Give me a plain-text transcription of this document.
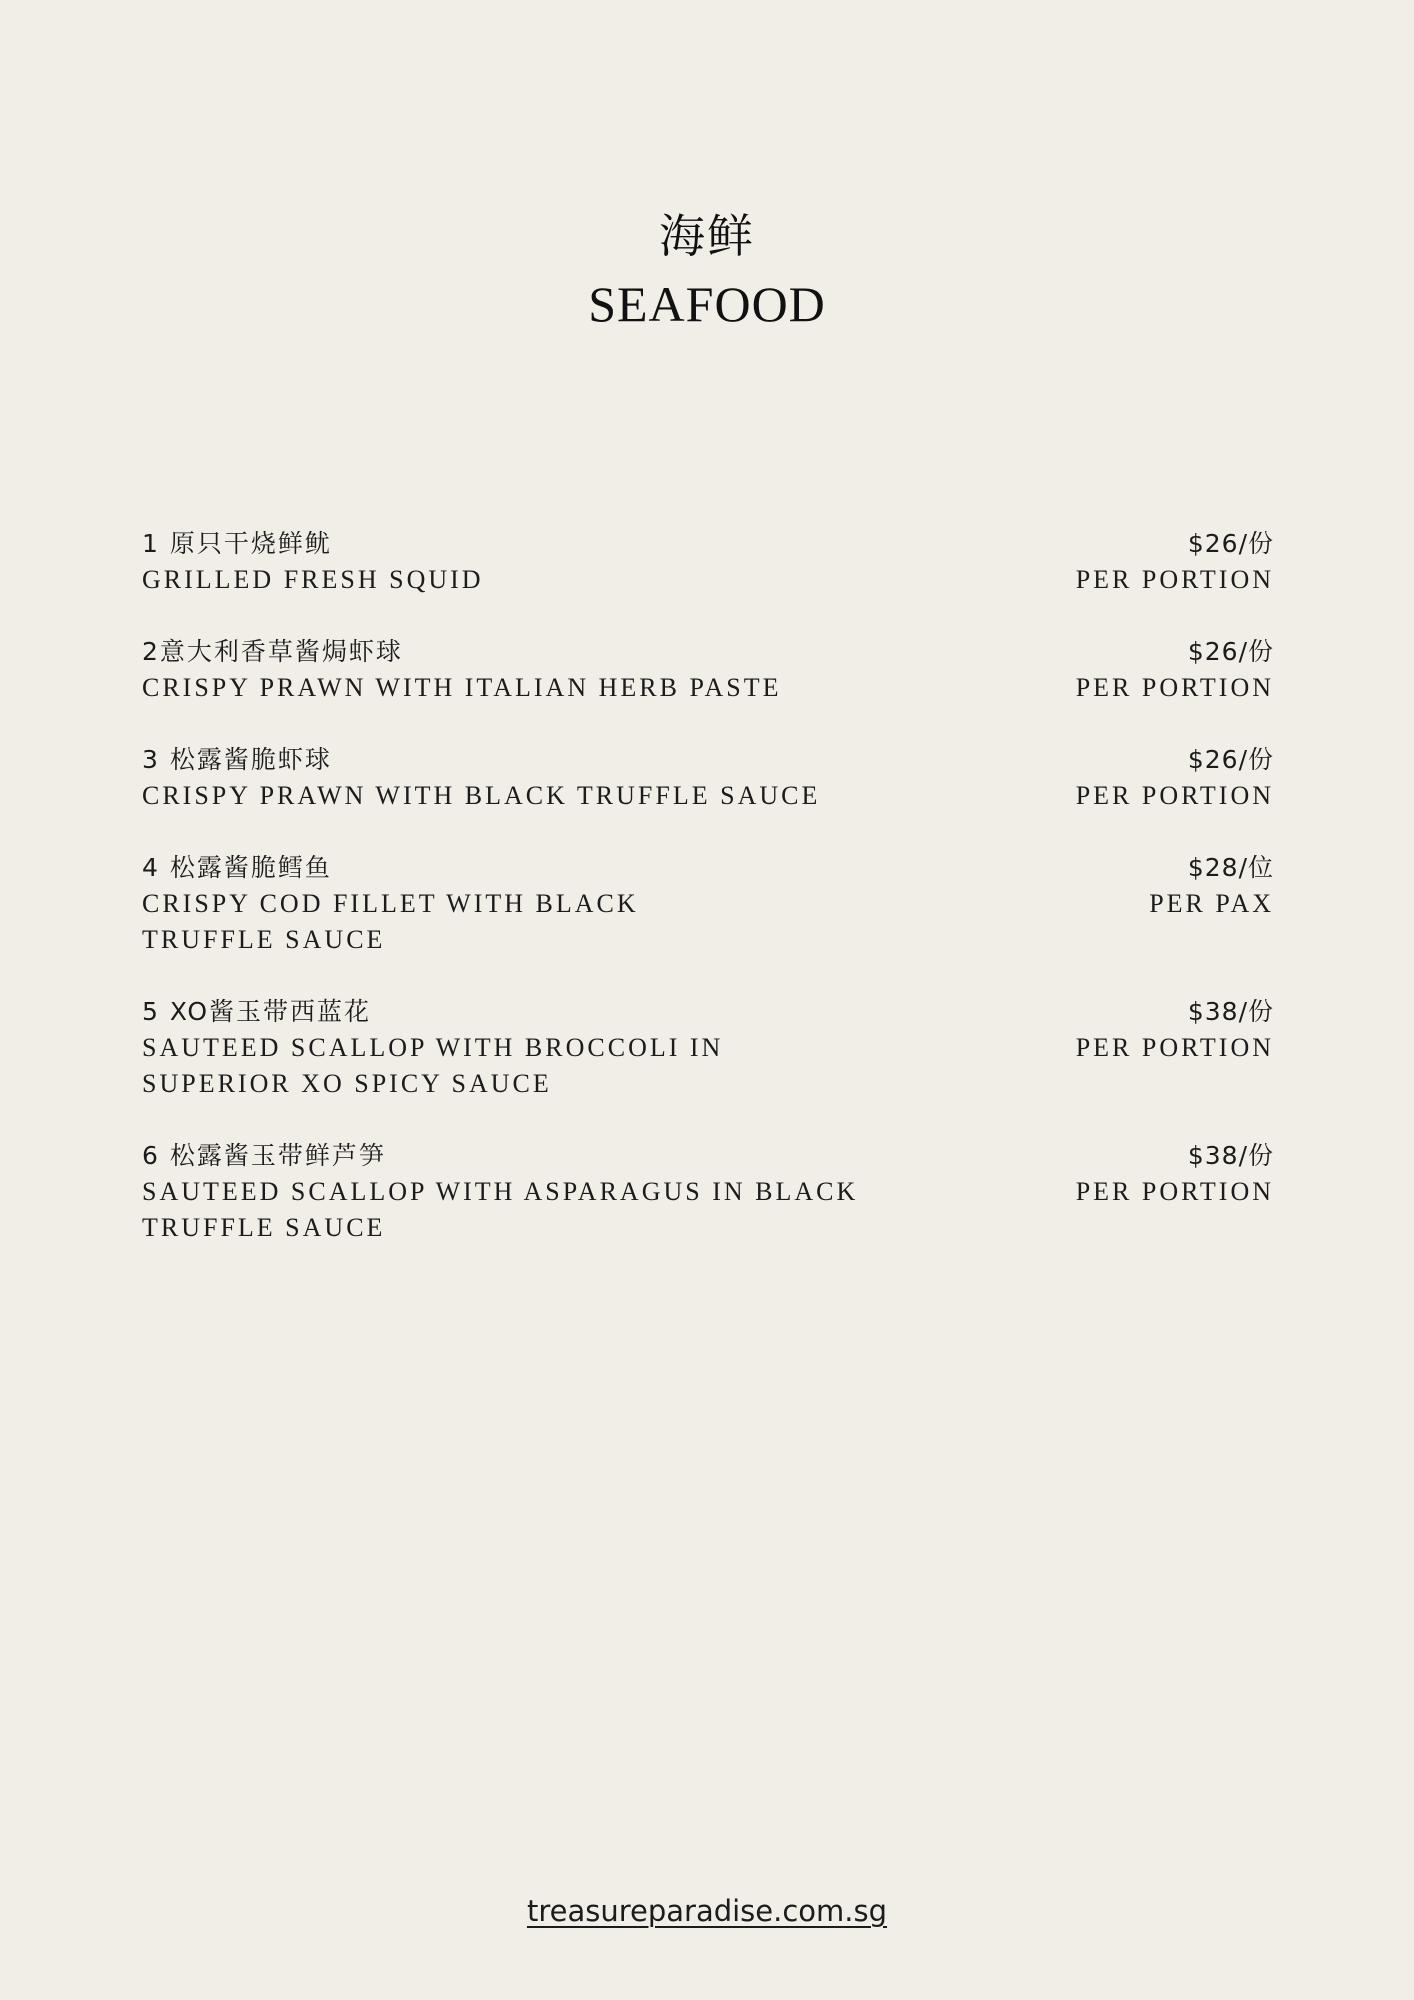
海鲜
SEAFOOD
1 原只干烧鲜鱿
GRILLED FRESH SQUID
$26/份
PER PORTION
2意大利香草酱焗虾球
CRISPY PRAWN WITH ITALIAN HERB PASTE
$26/份
PER PORTION
3 松露酱脆虾球
CRISPY PRAWN WITH BLACK TRUFFLE SAUCE
$26/份
PER PORTION
4 松露酱脆鳕鱼
CRISPY COD FILLET WITH BLACK TRUFFLE SAUCE
$28/位
PER PAX
5 XO酱玉带西蓝花
SAUTEED SCALLOP WITH BROCCOLI IN SUPERIOR XO SPICY SAUCE
$38/份
PER PORTION
6 松露酱玉带鲜芦笋
SAUTEED SCALLOP WITH ASPARAGUS IN BLACK TRUFFLE SAUCE
$38/份
PER PORTION
treasureparadise.com.sg
